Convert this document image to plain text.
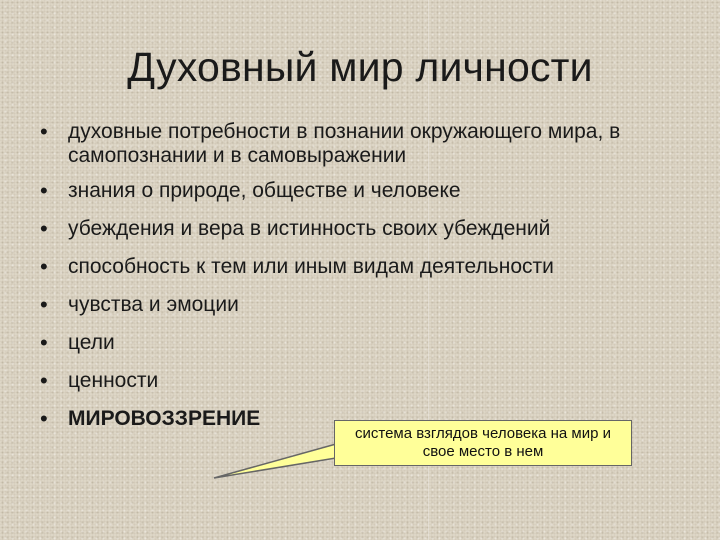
Духовный мир личности
• духовные потребности в познании окружающего мира, в самопознании и в самовыражении
• знания о природе, обществе и человеке
• убеждения и вера в истинность своих убеждений
• способность к тем или иным видам деятельности
• чувства и эмоции
• цели
• ценности
• МИРОВОЗЗРЕНИЕ
система взглядов человека на мир и свое место в нем
